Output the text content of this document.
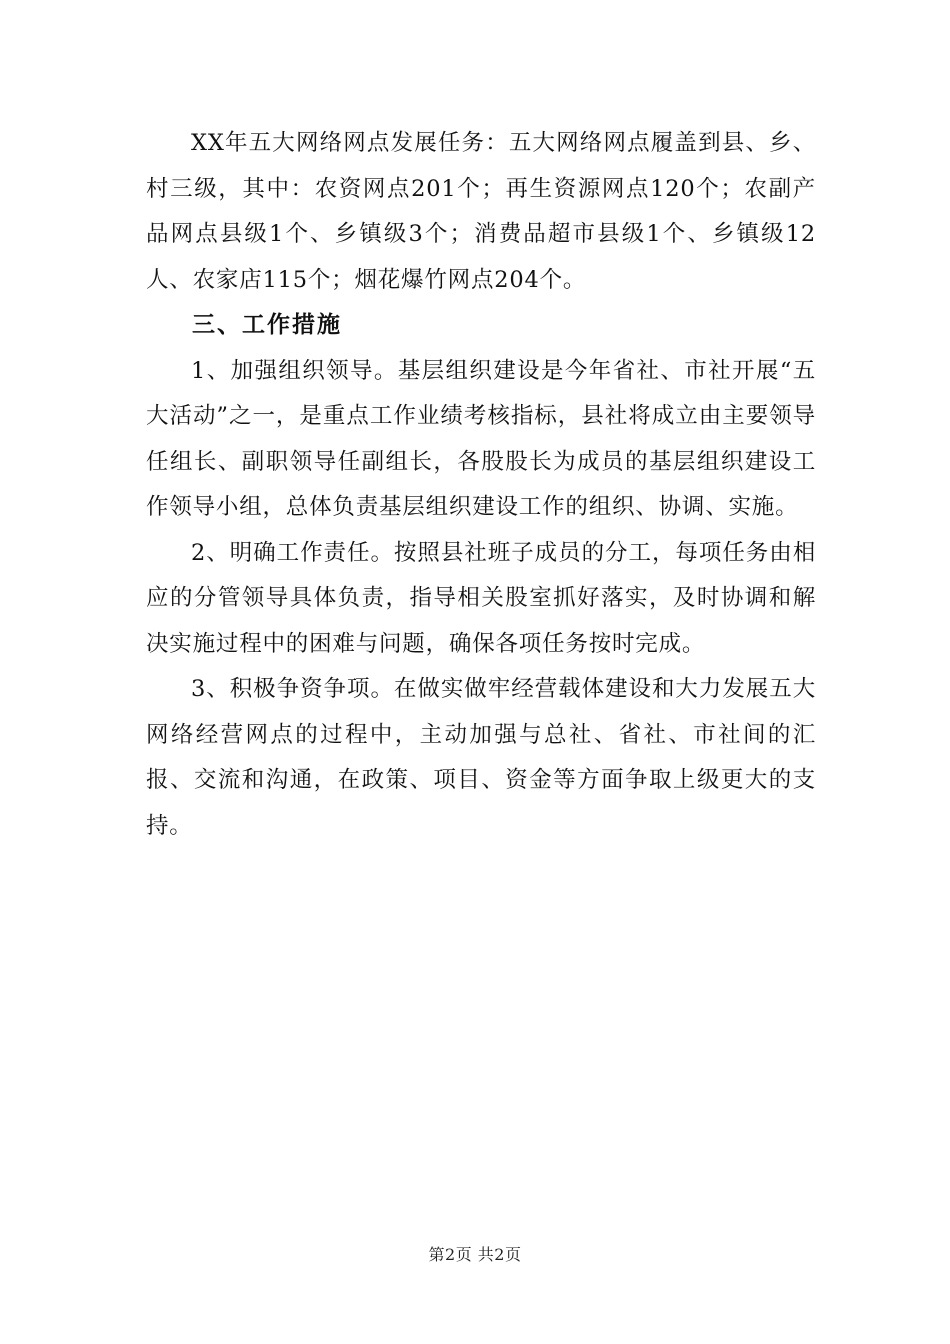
XX年五大网络网点发展任务：五大网络网点履盖到县、乡、村三级，其中：农资网点201个；再生资源网点120个；农副产品网点县级1个、乡镇级3个；消费品超市县级1个、乡镇级12人、农家店115个；烟花爆竹网点204个。

三、工作措施

1、加强组织领导。基层组织建设是今年省社、市社开展“五大活动”之一，是重点工作业绩考核指标，县社将成立由主要领导任组长、副职领导任副组长，各股股长为成员的基层组织建设工作领导小组，总体负责基层组织建设工作的组织、协调、实施。

2、明确工作责任。按照县社班子成员的分工，每项任务由相应的分管领导具体负责，指导相关股室抓好落实，及时协调和解决实施过程中的困难与问题，确保各项任务按时完成。

3、积极争资争项。在做实做牢经营载体建设和大力发展五大网络经营网点的过程中，主动加强与总社、省社、市社间的汇报、交流和沟通，在政策、项目、资金等方面争取上级更大的支持。

第2页 共2页
